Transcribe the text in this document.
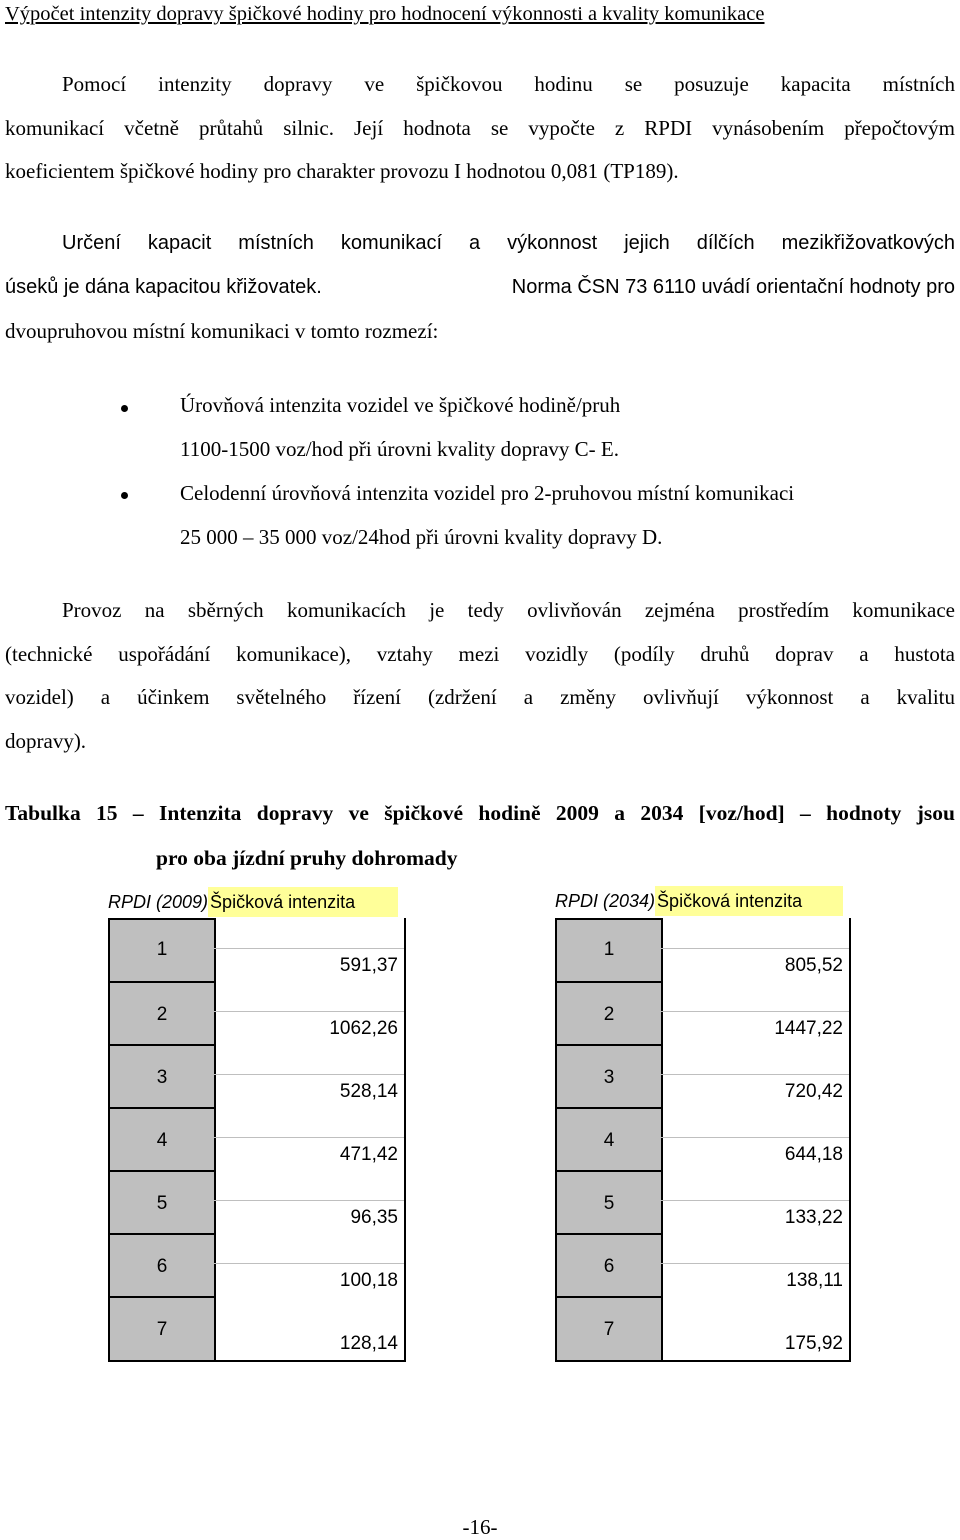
Výpočet intenzity dopravy špičkové hodiny pro hodnocení výkonnosti a kvality komunikace
Pomocí intenzity dopravy ve špičkovou hodinu se posuzuje kapacita místních
komunikací včetně průtahů silnic. Její hodnota se vypočte z RPDI vynásobením přepočtovým
koeficientem špičkové hodiny pro charakter provozu I hodnotou 0,081 (TP189).
Určení kapacit místních komunikací a výkonnost jejich dílčích mezikřižovatkových
úseků je dána kapacitou křižovatek.	Norma ČSN 73 6110 uvádí orientační hodnoty pro
dvoupruhovou místní komunikaci v tomto rozmezí:
Úrovňová intenzita vozidel ve špičkové hodině/pruh
1100-1500 voz/hod při úrovni kvality dopravy C- E.
Celodenní úrovňová intenzita vozidel pro 2-pruhovou místní komunikaci
25 000 – 35 000 voz/24hod při úrovni kvality dopravy D.
Provoz na sběrných komunikacích je tedy ovlivňován zejména prostředím komunikace
(technické uspořádání komunikace), vztahy mezi vozidly (podíly druhů doprav a hustota
vozidel) a účinkem světelného řízení (zdržení a změny ovlivňují výkonnost a kvalitu
dopravy).
Tabulka 15 – Intenzita dopravy ve špičkové hodině 2009 a 2034 [voz/hod] – hodnoty jsou
pro oba jízdní pruhy dohromady
RPDI (2009) Špičková intenzita
1
2
3
4
5
6
7
591,37
1062,26
528,14
471,42
96,35
100,18
128,14
RPDI (2034) Špičková intenzita
1
2
3
4
5
6
7
805,52
1447,22
720,42
644,18
133,22
138,11
175,92
-16-
